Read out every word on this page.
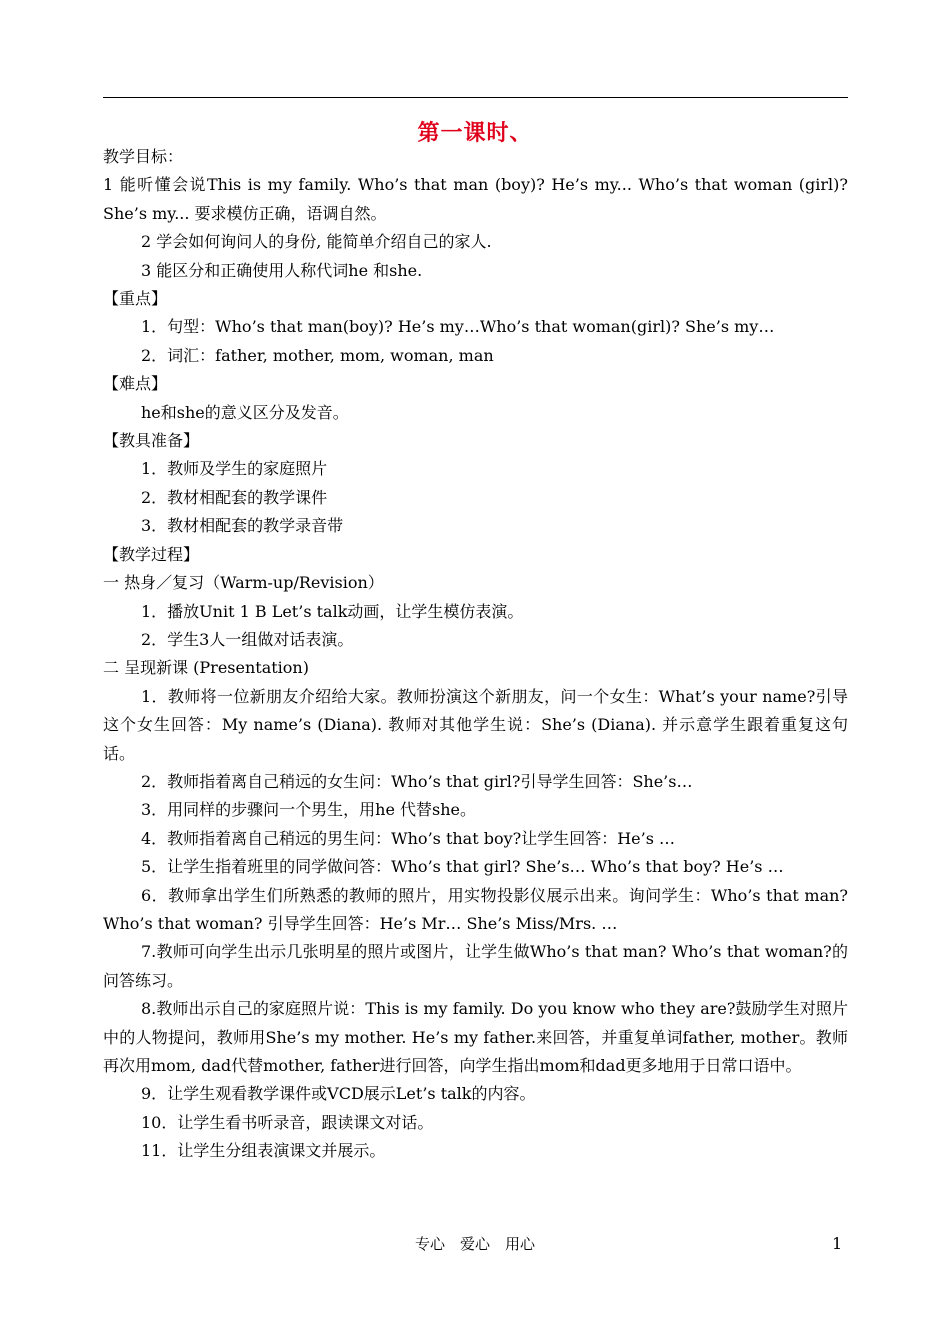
第一课时、
教学目标：
1 能听懂会说This is my family. Who’s that man (boy)? He’s my... Who’s that woman (girl)? She’s my... 要求模仿正确，语调自然。
2 学会如何询问人的身份, 能简单介绍自己的家人.
3 能区分和正确使用人称代词he 和she.
【重点】
1．句型：Who’s that man(boy)? He’s my…Who’s that woman(girl)? She’s my…
2．词汇：father, mother, mom, woman, man
【难点】
he和she的意义区分及发音。
【教具准备】
1．教师及学生的家庭照片
2．教材相配套的教学课件
3．教材相配套的教学录音带
【教学过程】
一 热身／复习（Warm-up/Revision）
1．播放Unit 1 B Let’s talk动画，让学生模仿表演。
2．学生3人一组做对话表演。
二 呈现新课 (Presentation)
1．教师将一位新朋友介绍给大家。教师扮演这个新朋友，问一个女生：What’s your name?引导这个女生回答：My name’s (Diana). 教师对其他学生说：She’s (Diana). 并示意学生跟着重复这句话。
2．教师指着离自己稍远的女生问：Who’s that girl?引导学生回答：She’s…
3．用同样的步骤问一个男生，用he 代替she。
4．教师指着离自己稍远的男生问：Who’s that boy?让学生回答：He’s …
5．让学生指着班里的同学做问答：Who’s that girl? She’s… Who’s that boy? He’s …
6．教师拿出学生们所熟悉的教师的照片，用实物投影仪展示出来。询问学生：Who’s that man? Who’s that woman? 引导学生回答：He’s Mr… She’s Miss/Mrs. …
7.教师可向学生出示几张明星的照片或图片，让学生做Who’s that man? Who’s that woman?的问答练习。
8.教师出示自己的家庭照片说：This is my family. Do you know who they are?鼓励学生对照片中的人物提问，教师用She’s my mother. He’s my father.来回答，并重复单词father, mother。教师再次用mom, dad代替mother, father进行回答，向学生指出mom和dad更多地用于日常口语中。
9．让学生观看教学课件或VCD展示Let’s talk的内容。
10．让学生看书听录音，跟读课文对话。
11．让学生分组表演课文并展示。
专心　爱心　用心	1
